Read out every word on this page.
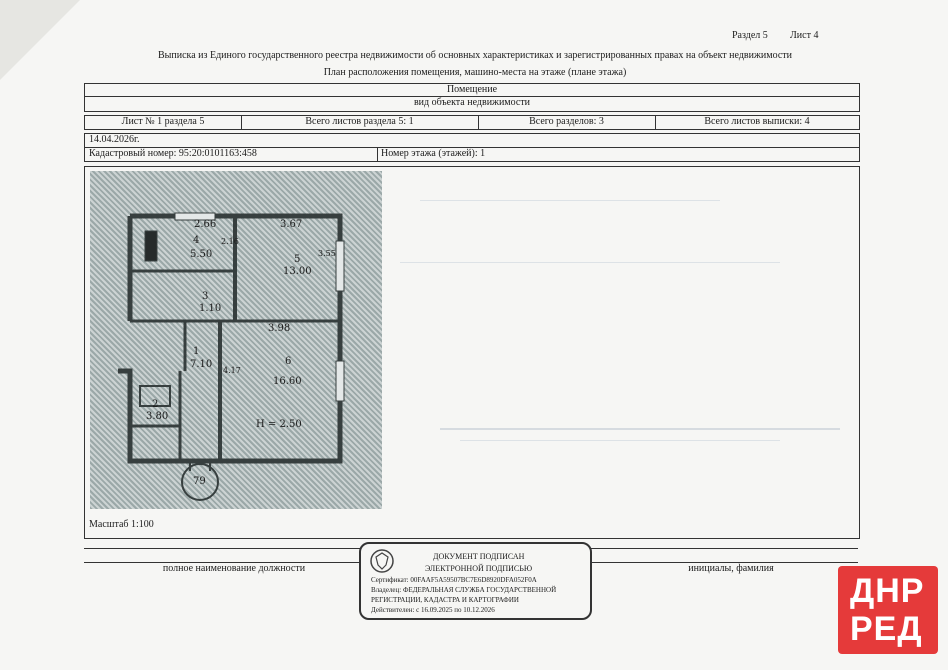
Раздел 5 Лист 4
Выписка из Единого государственного реестра недвижимости об основных характеристиках и зарегистрированных правах на объект недвижимости
План расположения помещения, машино-места на этаже (плане этажа)
Помещение
вид объекта недвижимости
Лист № 1 раздела 5	Всего листов раздела 5: 1	Всего разделов: 3	Всего листов выписки: 4
14.04.2026г.
Кадастровый номер: 95:20:0101163:458	Номер этажа (этажей): 1
Масштаб 1:100
2.66
4
5.50
2.16
3.67
5
13.00
3.55
3
1.10
3.98
6
16.60
1
7.10
4.17
2
3.80
H = 2.50
79
полное наименование должности	инициалы, фамилия
ДОКУМЕНТ ПОДПИСАН
ЭЛЕКТРОННОЙ ПОДПИСЬЮ
Сертификат: 00FAAF5A59507BC7E6D8920DFA052F0A
Владелец: ФЕДЕРАЛЬНАЯ СЛУЖБА ГОСУДАРСТВЕННОЙ
РЕГИСТРАЦИИ, КАДАСТРА И КАРТОГРАФИИ
Действителен: с 16.09.2025 по 10.12.2026	ДНР
РЕД
